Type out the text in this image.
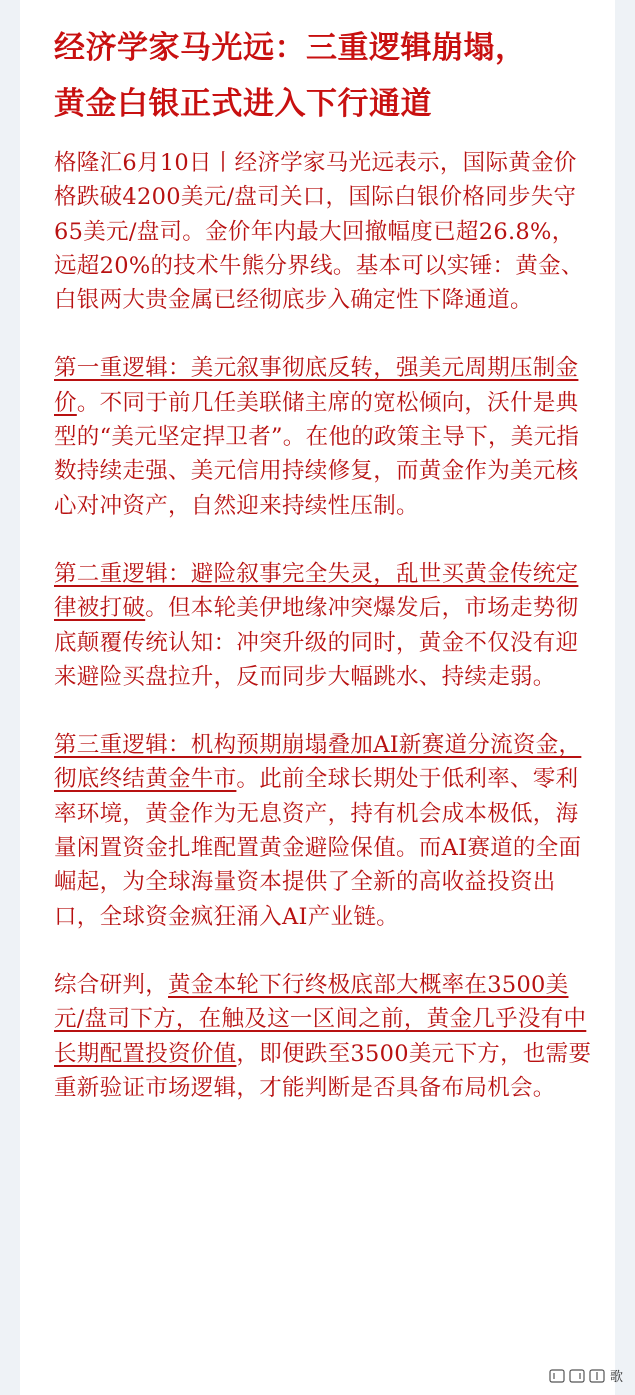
经济学家马光远：三重逻辑崩塌，
黄金白银正式进入下行通道

格隆汇6月10日丨经济学家马光远表示，国际黄金价格跌破4200美元/盘司关口，国际白银价格同步失守65美元/盘司。金价年内最大回撤幅度已超26.8%，远超20%的技术牛熊分界线。基本可以实锤：黄金、白银两大贵金属已经彻底步入确定性下降通道。

第一重逻辑：美元叙事彻底反转，强美元周期压制金价。不同于前几任美联储主席的宽松倾向，沃什是典型的“美元坚定捍卫者”。在他的政策主导下，美元指数持续走强、美元信用持续修复，而黄金作为美元核心对冲资产，自然迎来持续性压制。

第二重逻辑：避险叙事完全失灵，乱世买黄金传统定律被打破。但本轮美伊地缘冲突爆发后，市场走势彻底颠覆传统认知：冲突升级的同时，黄金不仅没有迎来避险买盘拉升，反而同步大幅跳水、持续走弱。

第三重逻辑：机构预期崩塌叠加AI新赛道分流资金，彻底终结黄金牛市。此前全球长期处于低利率、零利率环境，黄金作为无息资产，持有机会成本极低，海量闲置资金扎堆配置黄金避险保值。而AI赛道的全面崛起，为全球海量资本提供了全新的高收益投资出口，全球资金疯狂涌入AI产业链。

综合研判，黄金本轮下行终极底部大概率在3500美元/盘司下方，在触及这一区间之前，黄金几乎没有中长期配置投资价值，即便跌至3500美元下方，也需要重新验证市场逻辑，才能判断是否具备布局机会。

歌
